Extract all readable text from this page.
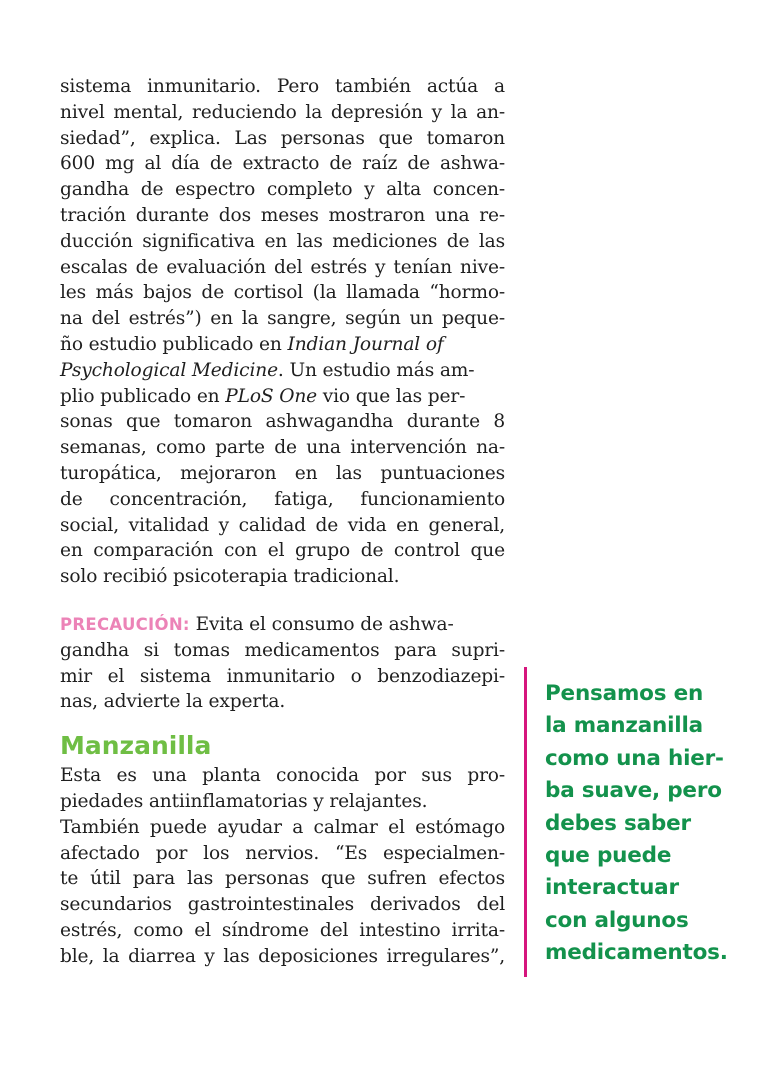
sistema inmunitario. Pero también actúa a
nivel mental, reduciendo la depresión y la an-
siedad”, explica. Las personas que tomaron
600 mg al día de extracto de raíz de ashwa-
gandha de espectro completo y alta concen-
tración durante dos meses mostraron una re-
ducción significativa en las mediciones de las
escalas de evaluación del estrés y tenían nive-
les más bajos de cortisol (la llamada “hormo-
na del estrés”) en la sangre, según un peque-
ño estudio publicado en Indian Journal of
Psychological Medicine. Un estudio más am-
plio publicado en PLoS One vio que las per-
sonas que tomaron ashwagandha durante 8
semanas, como parte de una intervención na-
turopática, mejoraron en las puntuaciones
de concentración, fatiga, funcionamiento
social, vitalidad y calidad de vida en general,
en comparación con el grupo de control que
solo recibió psicoterapia tradicional.
PRECAUCIÓN: Evita el consumo de ashwa-
gandha si tomas medicamentos para supri-
mir el sistema inmunitario o benzodiazepi-
nas, advierte la experta.
Manzanilla
Esta es una planta conocida por sus pro-
piedades antiinflamatorias y relajantes.
También puede ayudar a calmar el estómago
afectado por los nervios. “Es especialmen-
te útil para las personas que sufren efectos
secundarios gastrointestinales derivados del
estrés, como el síndrome del intestino irrita-
ble, la diarrea y las deposiciones irregulares”,
Pensamos en
la manzanilla
como una hier-
ba suave, pero
debes saber
que puede
interactuar
con algunos
medicamentos.
